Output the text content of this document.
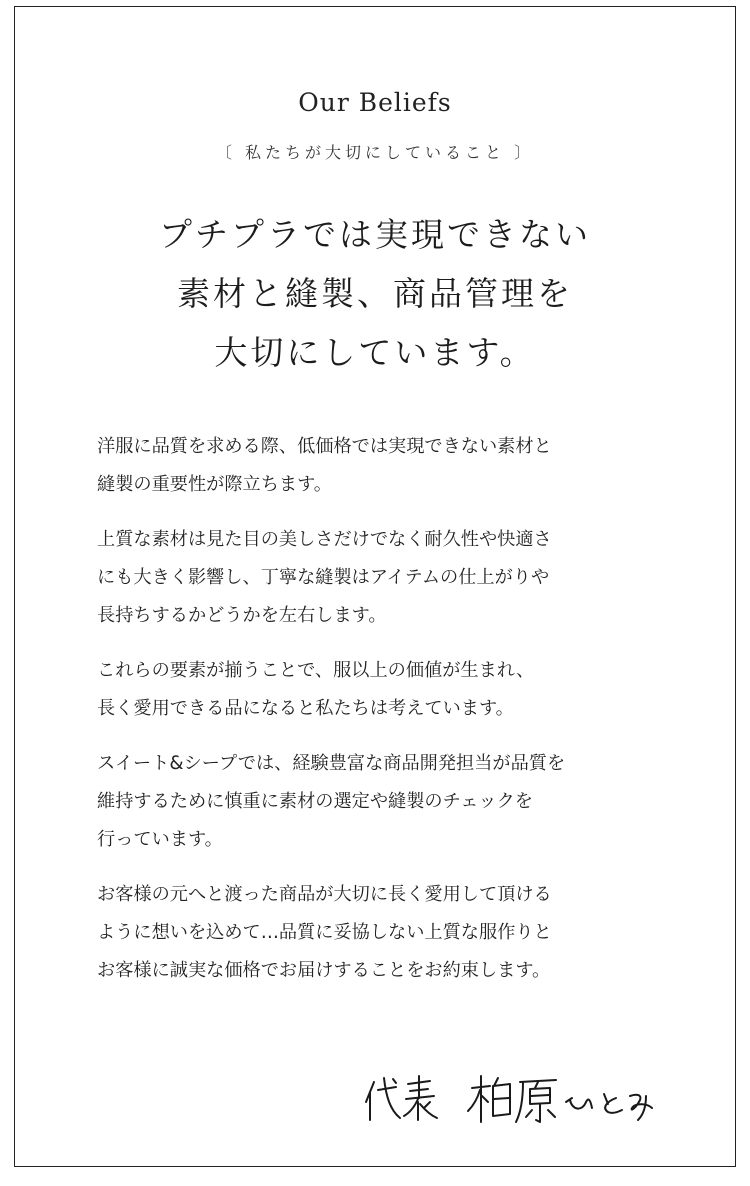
Our Beliefs
〔 私たちが大切にしていること 〕
プチプラでは実現できない
素材と縫製、商品管理を
大切にしています。

洋服に品質を求める際、低価格では実現できない素材と
縫製の重要性が際立ちます。

上質な素材は見た目の美しさだけでなく耐久性や快適さ
にも大きく影響し、丁寧な縫製はアイテムの仕上がりや
長持ちするかどうかを左右します。

これらの要素が揃うことで、服以上の価値が生まれ、
長く愛用できる品になると私たちは考えています。

スイート&シープでは、経験豊富な商品開発担当が品質を
維持するために慎重に素材の選定や縫製のチェックを
行っています。

お客様の元へと渡った商品が大切に長く愛用して頂ける
ように想いを込めて…品質に妥協しない上質な服作りと
お客様に誠実な価格でお届けすることをお約束します。
